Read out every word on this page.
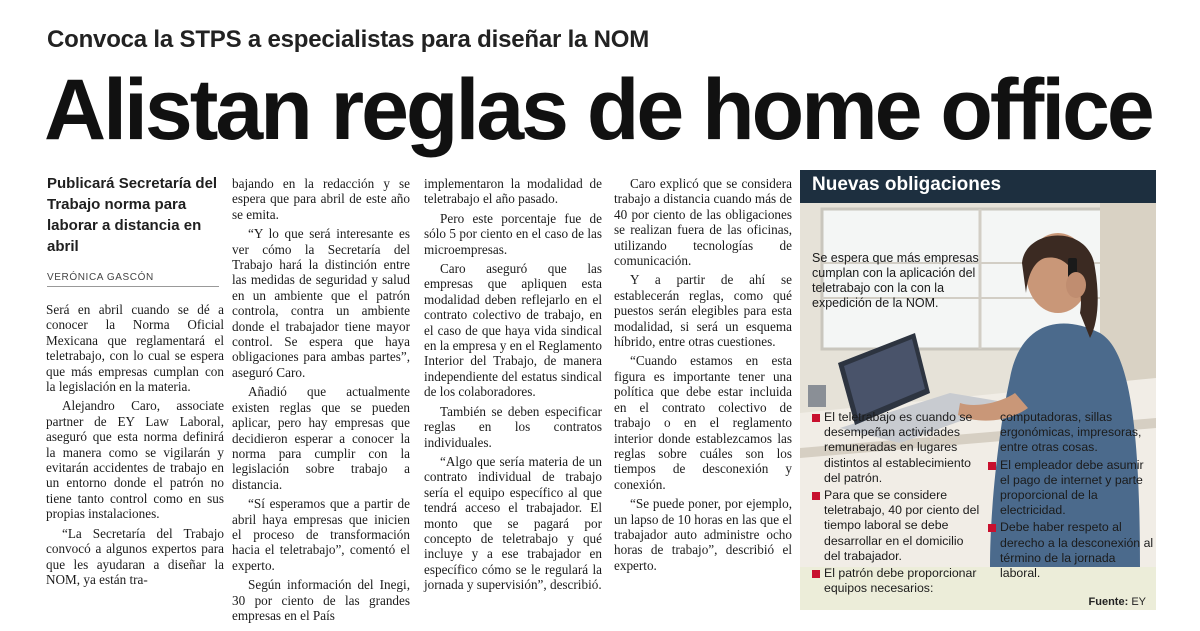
Convoca la STPS a especialistas para diseñar la NOM
Alistan reglas de home office
Publicará Secretaría del Trabajo norma para laborar a distancia en abril
VERÓNICA GASCÓN

Será en abril cuando se dé a conocer la Norma Oficial Mexicana que reglamentará el teletrabajo, con lo cual se espera que más empresas cumplan con la legislación en la materia.

Alejandro Caro, associate partner de EY Law Laboral, aseguró que esta norma definirá la manera como se vigilarán y evitarán accidentes de trabajo en un entorno donde el patrón no tiene tanto control como en sus propias instalaciones.

“La Secretaría del Trabajo convocó a algunos expertos para que les ayudaran a diseñar la NOM, ya están tra-

bajando en la redacción y se espera que para abril de este año se emita.

“Y lo que será interesante es ver cómo la Secretaría del Trabajo hará la distinción entre las medidas de seguridad y salud en un ambiente que el patrón controla, contra un ambiente donde el trabajador tiene mayor control. Se espera que haya obligaciones para ambas partes”, aseguró Caro.

Añadió que actualmente existen reglas que se pueden aplicar, pero hay empresas que decidieron esperar a conocer la norma para cumplir con la legislación sobre trabajo a distancia.

“Sí esperamos que a partir de abril haya empresas que inicien el proceso de transformación hacia el teletrabajo”, comentó el experto.

Según información del Inegi, 30 por ciento de las grandes empresas en el País

implementaron la modalidad de teletrabajo el año pasado.

Pero este porcentaje fue de sólo 5 por ciento en el caso de las microempresas.

Caro aseguró que las empresas que apliquen esta modalidad deben reflejarlo en el contrato colectivo de trabajo, en el caso de que haya vida sindical en la empresa y en el Reglamento Interior del Trabajo, de manera independiente del estatus sindical de los colaboradores.

También se deben especificar reglas en los contratos individuales.

“Algo que sería materia de un contrato individual de trabajo sería el equipo específico al que tendrá acceso el trabajador. El monto que se pagará por concepto de teletrabajo y qué incluye y a ese trabajador en específico cómo se le regulará la jornada y supervisión”, describió.

Caro explicó que se considera trabajo a distancia cuando más de 40 por ciento de las obligaciones se realizan fuera de las oficinas, utilizando tecnologías de comunicación.

Y a partir de ahí se establecerán reglas, como qué puestos serán elegibles para esta modalidad, si será un esquema híbrido, entre otras cuestiones.

“Cuando estamos en esta figura es importante tener una política que debe estar incluida en el contrato colectivo de trabajo o en el reglamento interior donde establezcamos las reglas sobre cuáles son los tiempos de desconexión y conexión.

“Se puede poner, por ejemplo, un lapso de 10 horas en las que el trabajador auto administre ocho horas de trabajo”, describió el experto.

Nuevas obligaciones
Se espera que más empresas cumplan con la aplicación del teletrabajo con la con la expedición de la NOM.
El teletrabajo es cuando se desempeñan actividades remuneradas en lugares distintos al establecimiento del patrón.
Para que se considere teletrabajo, 40 por ciento del tiempo laboral se debe desarrollar en el domicilio del trabajador.
El patrón debe proporcionar equipos necesarios:
computadoras, sillas ergonómicas, impresoras, entre otras cosas.
El empleador debe asumir el pago de internet y parte proporcional de la electricidad.
Debe haber respeto al derecho a la desconexión al término de la jornada laboral.
Fuente: EY
